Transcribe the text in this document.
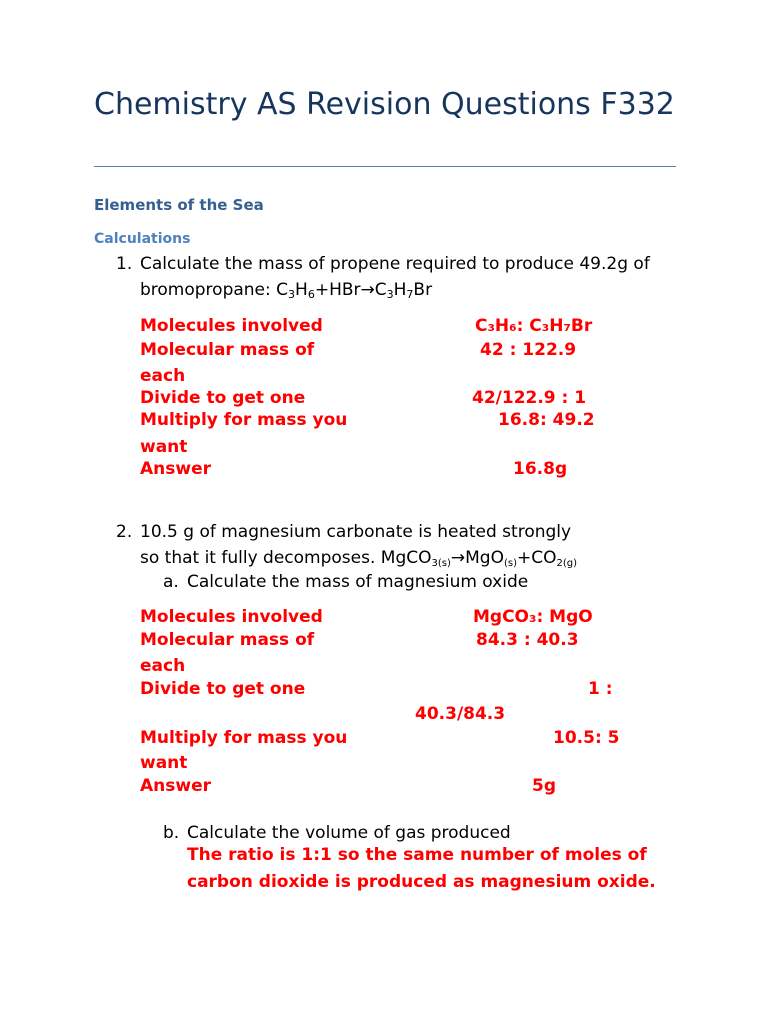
Chemistry AS Revision Questions F332
Elements of the Sea
Calculations
1. Calculate the mass of propene required to produce 49.2g of bromopropane: $C_3H_6+HBr\to C_3H_7Br$
Molecules involved	C₃H₆: C₃H₇Br
Molecular mass of	42 : 122.9
each
Divide to get one	42/122.9 : 1
Multiply for mass you	16.8: 49.2
want
Answer	16.8g
2. 10.5 g of magnesium carbonate is heated strongly
so that it fully decomposes. $MgCO_{3(s)}\to MgO_{(s)}+CO_{2(g)}$
a. Calculate the mass of magnesium oxide
Molecules involved	MgCO₃: MgO
Molecular mass of	84.3 : 40.3
each
Divide to get one	1 :
40.3/84.3
Multiply for mass you	10.5: 5
want
Answer	5g
b. Calculate the volume of gas produced
The ratio is 1:1 so the same number of moles of carbon dioxide is produced as magnesium oxide.
